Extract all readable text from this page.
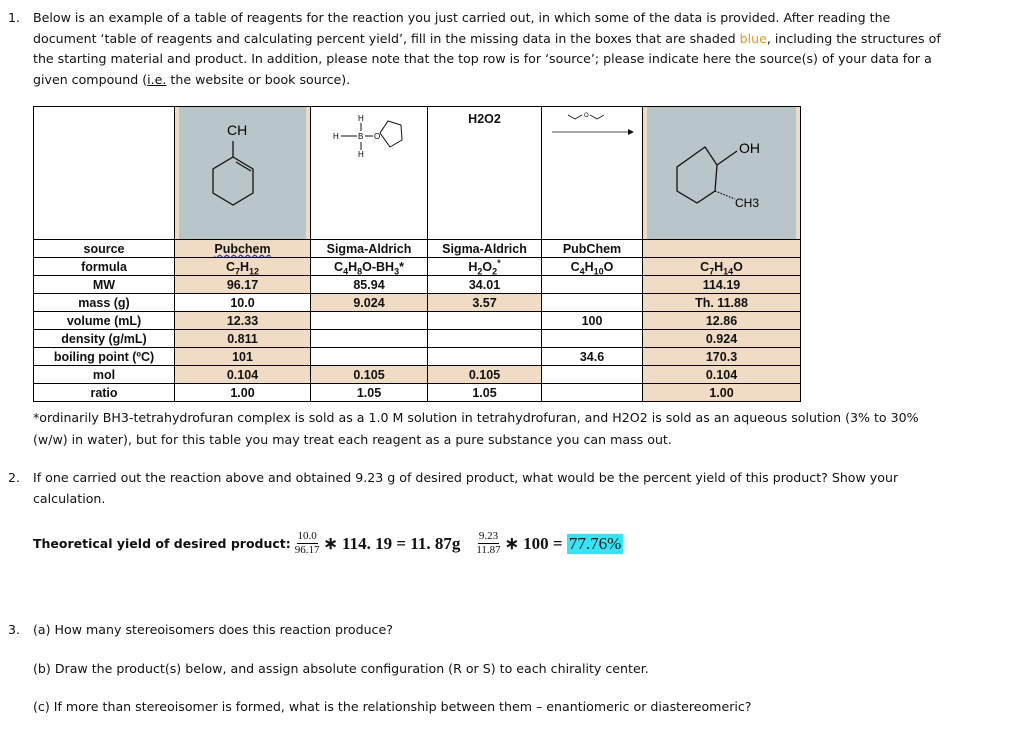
1. Below is an example of a table of reagents for the reaction you just carried out, in which some of the data is provided. After reading the
document ‘table of reagents and calculating percent yield’, fill in the missing data in the boxes that are shaded blue, including the structures of
the starting material and product. In addition, please note that the top row is for ‘source’; please indicate here the source(s) of your data for a
given compound (i.e. the website or book source).

CH	H
H B O
H	H2O2	O	OH
CH3

source	Pubchem	Sigma-Aldrich	Sigma-Aldrich	PubChem	
formula	$C_7H_{12}$	$C_4H_8O-BH_3*$	$H_2O_2^*$	$C_4H_{10}O$	$C_7H_{14}O$
MW	96.17	85.94	34.01		114.19
mass (g)	10.0	9.024	3.57		Th. 11.88
volume (mL)	12.33			100	12.86
density (g/mL)	0.811				0.924
boiling point (ºC)	101			34.6	170.3
mol	0.104	0.105	0.105		0.104
ratio	1.00	1.05	1.05		1.00
*ordinarily BH3-tetrahydrofuran complex is sold as a 1.0 M solution in tetrahydrofuran, and H2O2 is sold as an aqueous solution (3% to 30%
(w/w) in water), but for this table you may treat each reagent as a pure substance you can mass out.
2. If one carried out the reaction above and obtained 9.23 g of desired product, what would be the percent yield of this product? Show your
calculation.
Theoretical yield of desired product: $\frac{10.0}{96.17}$ ∗ 114. 19 = 11. $87g \frac{9.23}{11.87}$ ∗ 100 = 77.76%
3. (a) How many stereoisomers does this reaction produce?
(b) Draw the product(s) below, and assign absolute configuration (R or S) to each chirality center.
(c) If more than stereoisomer is formed, what is the relationship between them – enantiomeric or diastereomeric?
